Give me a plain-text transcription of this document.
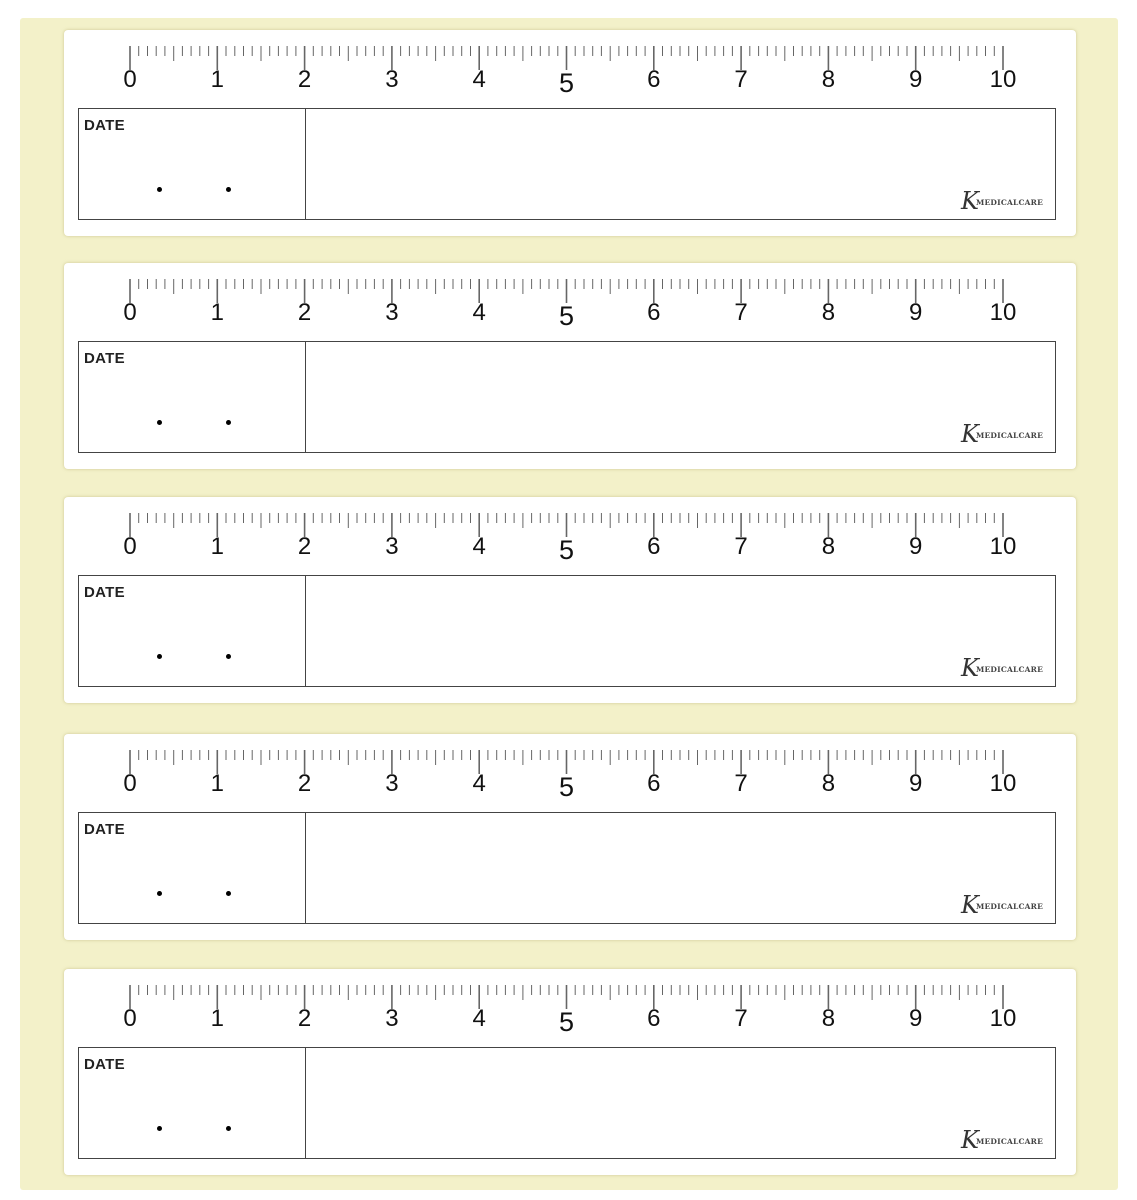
0	1	2	3	4	5	6	7	8	9	10
DATE
K
MEDICALCARE
0	1	2	3	4	5	6	7	8	9	10
DATE
K
MEDICALCARE
0	1	2	3	4	5	6	7	8	9	10
DATE
K
MEDICALCARE
0	1	2	3	4	5	6	7	8	9	10
DATE
K
MEDICALCARE
0	1	2	3	4	5	6	7	8	9	10
DATE
K
MEDICALCARE
